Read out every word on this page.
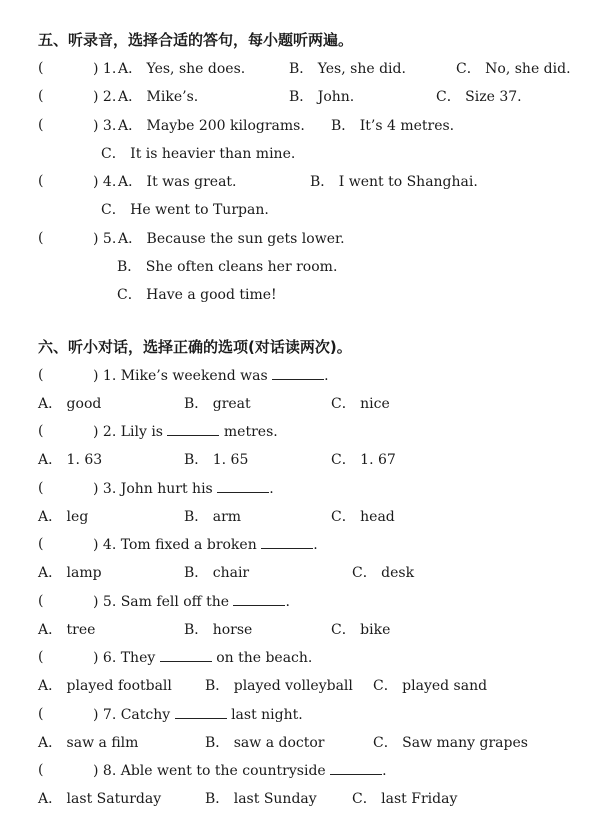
五、听录音，选择合适的答句，每小题听两遍。
(	) 1. A． Yes, she does.	B． Yes, she did.	C． No, she did.
(	) 2. A． Mike’s.	B． John.	C． Size 37.
(	) 3. A． Maybe 200 kilograms. B． It’s 4 metres.
C． It is heavier than mine.
(	) 4. A． It was great.	B． I went to Shanghai.
C． He went to Turpan.
(	) 5. A． Because the sun gets lower.
B． She often cleans her room.
C． Have a good time!
六、听小对话，选择正确的选项(对话读两次)。
(	) 1. Mike’s weekend was	.
A． good	B． great	C． nice
(	) 2. Lily is	metres.
A． 1. 63	B． 1. 65	C． 1. 67
(	) 3. John hurt his	.
A． leg	B． arm	C． head
(	) 4. Tom fixed a broken	.
A． lamp	B． chair	C． desk
(	) 5. Sam fell off the	.
A． tree	B． horse	C． bike
(	) 6. They	on the beach.
A． played football B． played volleyball C． played sand
(	) 7. Catchy	last night.
A． saw a film	B． saw a doctor	C． Saw many grapes
(	) 8. Able went to the countryside	.
A． last Saturday	B． last Sunday	C． last Friday
